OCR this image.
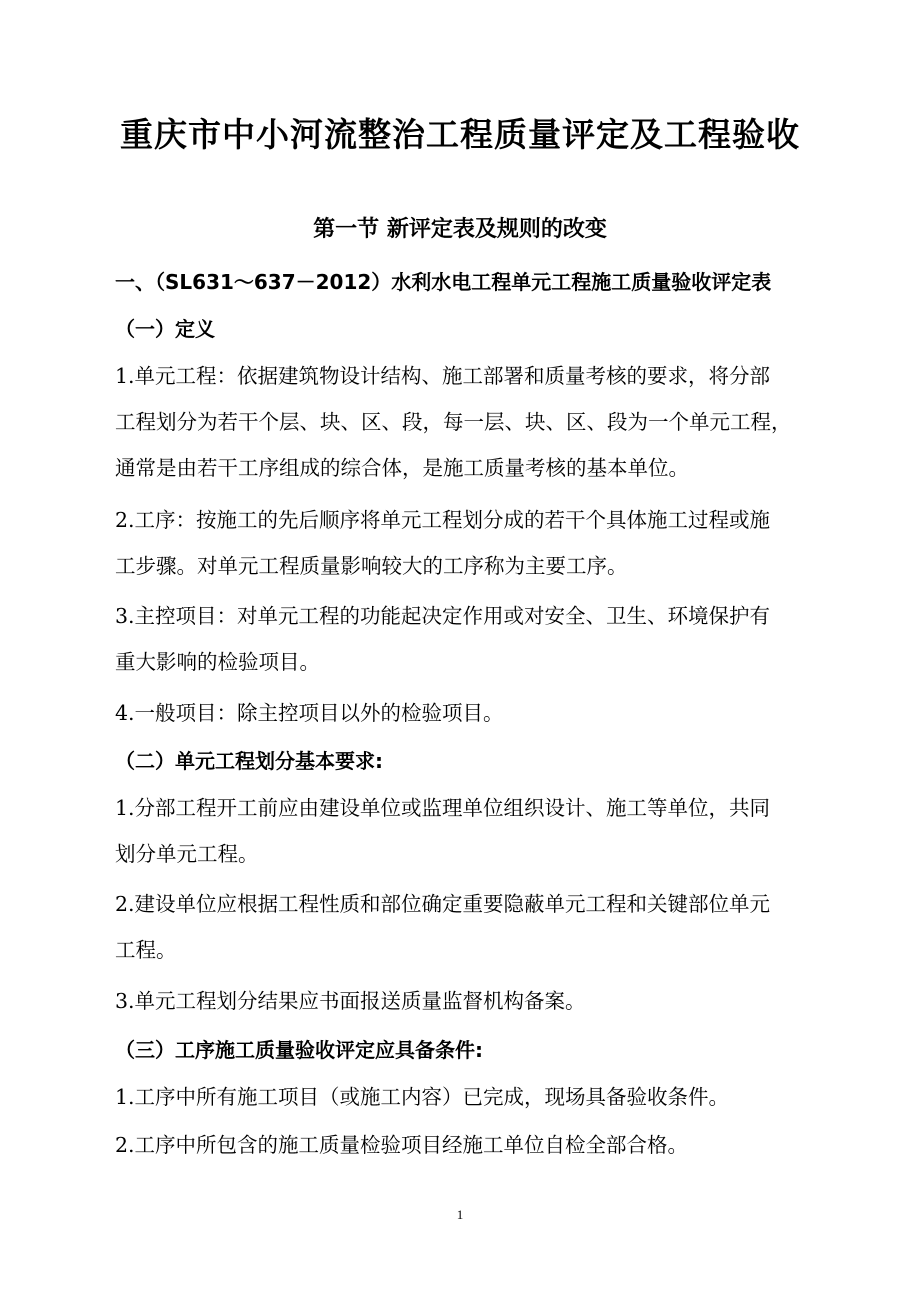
重庆市中小河流整治工程质量评定及工程验收
第一节 新评定表及规则的改变
一、（SL631～637－2012）水利水电工程单元工程施工质量验收评定表
（一）定义

1.单元工程：依据建筑物设计结构、施工部署和质量考核的要求，将分部
工程划分为若干个层、块、区、段，每一层、块、区、段为一个单元工程，
通常是由若干工序组成的综合体，是施工质量考核的基本单位。

2.工序：按施工的先后顺序将单元工程划分成的若干个具体施工过程或施
工步骤。对单元工程质量影响较大的工序称为主要工序。

3.主控项目：对单元工程的功能起决定作用或对安全、卫生、环境保护有
重大影响的检验项目。

4.一般项目：除主控项目以外的检验项目。

（二）单元工程划分基本要求:

1.分部工程开工前应由建设单位或监理单位组织设计、施工等单位，共同
划分单元工程。

2.建设单位应根据工程性质和部位确定重要隐蔽单元工程和关键部位单元
工程。

3.单元工程划分结果应书面报送质量监督机构备案。

（三）工序施工质量验收评定应具备条件:

1.工序中所有施工项目（或施工内容）已完成，现场具备验收条件。

2.工序中所包含的施工质量检验项目经施工单位自检全部合格。

1
